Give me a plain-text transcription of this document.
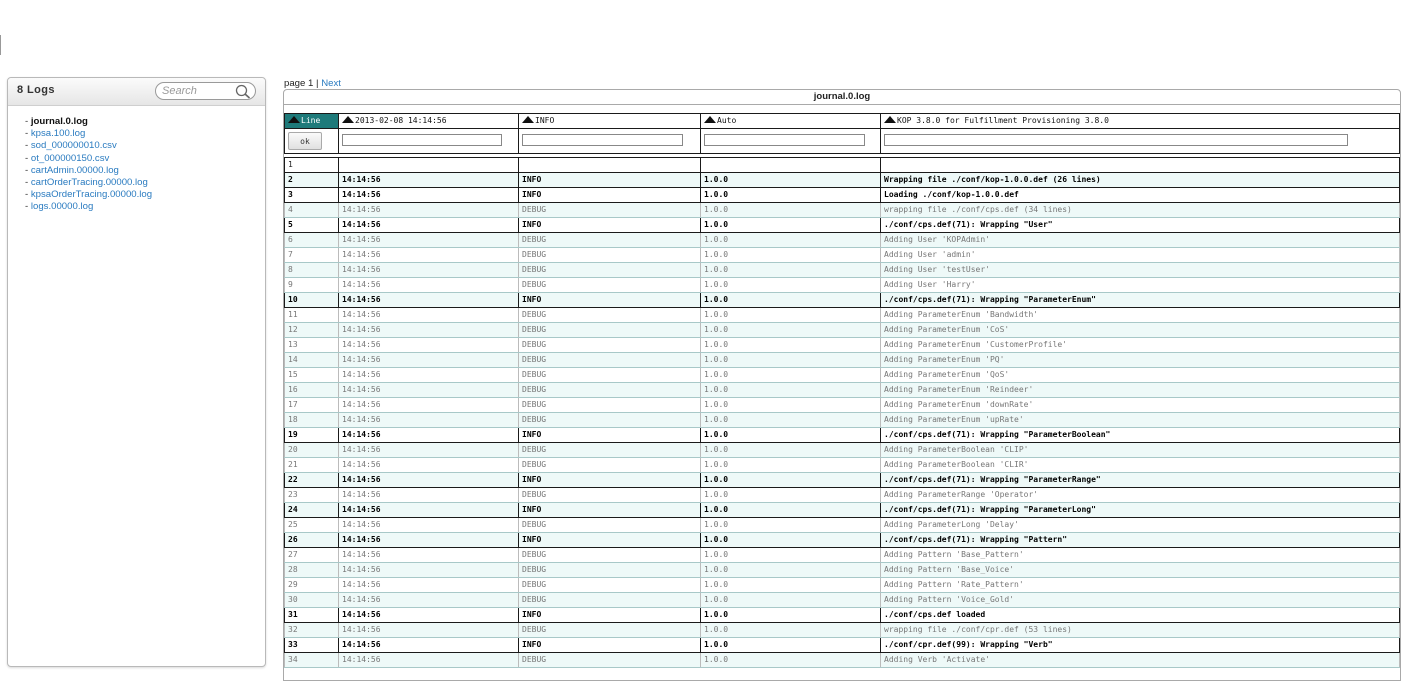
8 Logs
Search
- journal.0.log
- kpsa.100.log
- sod_000000010.csv
- ot_000000150.csv
- cartAdmin.00000.log
- cartOrderTracing.00000.log
- kpsaOrderTracing.00000.log
- logs.00000.log
page 1 | Next
journal.0.log
Line	2013-02-08 14:14:56	INFO	Auto	KOP 3.8.0 for Fulfillment Provisioning 3.8.0
ok	

1				
2	14:14:56	INFO	1.0.0	Wrapping file ./conf/kop-1.0.0.def (26 lines)
3	14:14:56	INFO	1.0.0	Loading ./conf/kop-1.0.0.def
4	14:14:56	DEBUG	1.0.0	wrapping file ./conf/cps.def (34 lines)
5	14:14:56	INFO	1.0.0	./conf/cps.def(71): Wrapping "User"
6	14:14:56	DEBUG	1.0.0	Adding User 'KOPAdmin'
7	14:14:56	DEBUG	1.0.0	Adding User 'admin'
8	14:14:56	DEBUG	1.0.0	Adding User 'testUser'
9	14:14:56	DEBUG	1.0.0	Adding User 'Harry'
10	14:14:56	INFO	1.0.0	./conf/cps.def(71): Wrapping "ParameterEnum"
11	14:14:56	DEBUG	1.0.0	Adding ParameterEnum 'Bandwidth'
12	14:14:56	DEBUG	1.0.0	Adding ParameterEnum 'CoS'
13	14:14:56	DEBUG	1.0.0	Adding ParameterEnum 'CustomerProfile'
14	14:14:56	DEBUG	1.0.0	Adding ParameterEnum 'PQ'
15	14:14:56	DEBUG	1.0.0	Adding ParameterEnum 'QoS'
16	14:14:56	DEBUG	1.0.0	Adding ParameterEnum 'Reindeer'
17	14:14:56	DEBUG	1.0.0	Adding ParameterEnum 'downRate'
18	14:14:56	DEBUG	1.0.0	Adding ParameterEnum 'upRate'
19	14:14:56	INFO	1.0.0	./conf/cps.def(71): Wrapping "ParameterBoolean"
20	14:14:56	DEBUG	1.0.0	Adding ParameterBoolean 'CLIP'
21	14:14:56	DEBUG	1.0.0	Adding ParameterBoolean 'CLIR'
22	14:14:56	INFO	1.0.0	./conf/cps.def(71): Wrapping "ParameterRange"
23	14:14:56	DEBUG	1.0.0	Adding ParameterRange 'Operator'
24	14:14:56	INFO	1.0.0	./conf/cps.def(71): Wrapping "ParameterLong"
25	14:14:56	DEBUG	1.0.0	Adding ParameterLong 'Delay'
26	14:14:56	INFO	1.0.0	./conf/cps.def(71): Wrapping "Pattern"
27	14:14:56	DEBUG	1.0.0	Adding Pattern 'Base_Pattern'
28	14:14:56	DEBUG	1.0.0	Adding Pattern 'Base_Voice'
29	14:14:56	DEBUG	1.0.0	Adding Pattern 'Rate_Pattern'
30	14:14:56	DEBUG	1.0.0	Adding Pattern 'Voice_Gold'
31	14:14:56	INFO	1.0.0	./conf/cps.def loaded
32	14:14:56	DEBUG	1.0.0	wrapping file ./conf/cpr.def (53 lines)
33	14:14:56	INFO	1.0.0	./conf/cpr.def(99): Wrapping "Verb"
34	14:14:56	DEBUG	1.0.0	Adding Verb 'Activate'
